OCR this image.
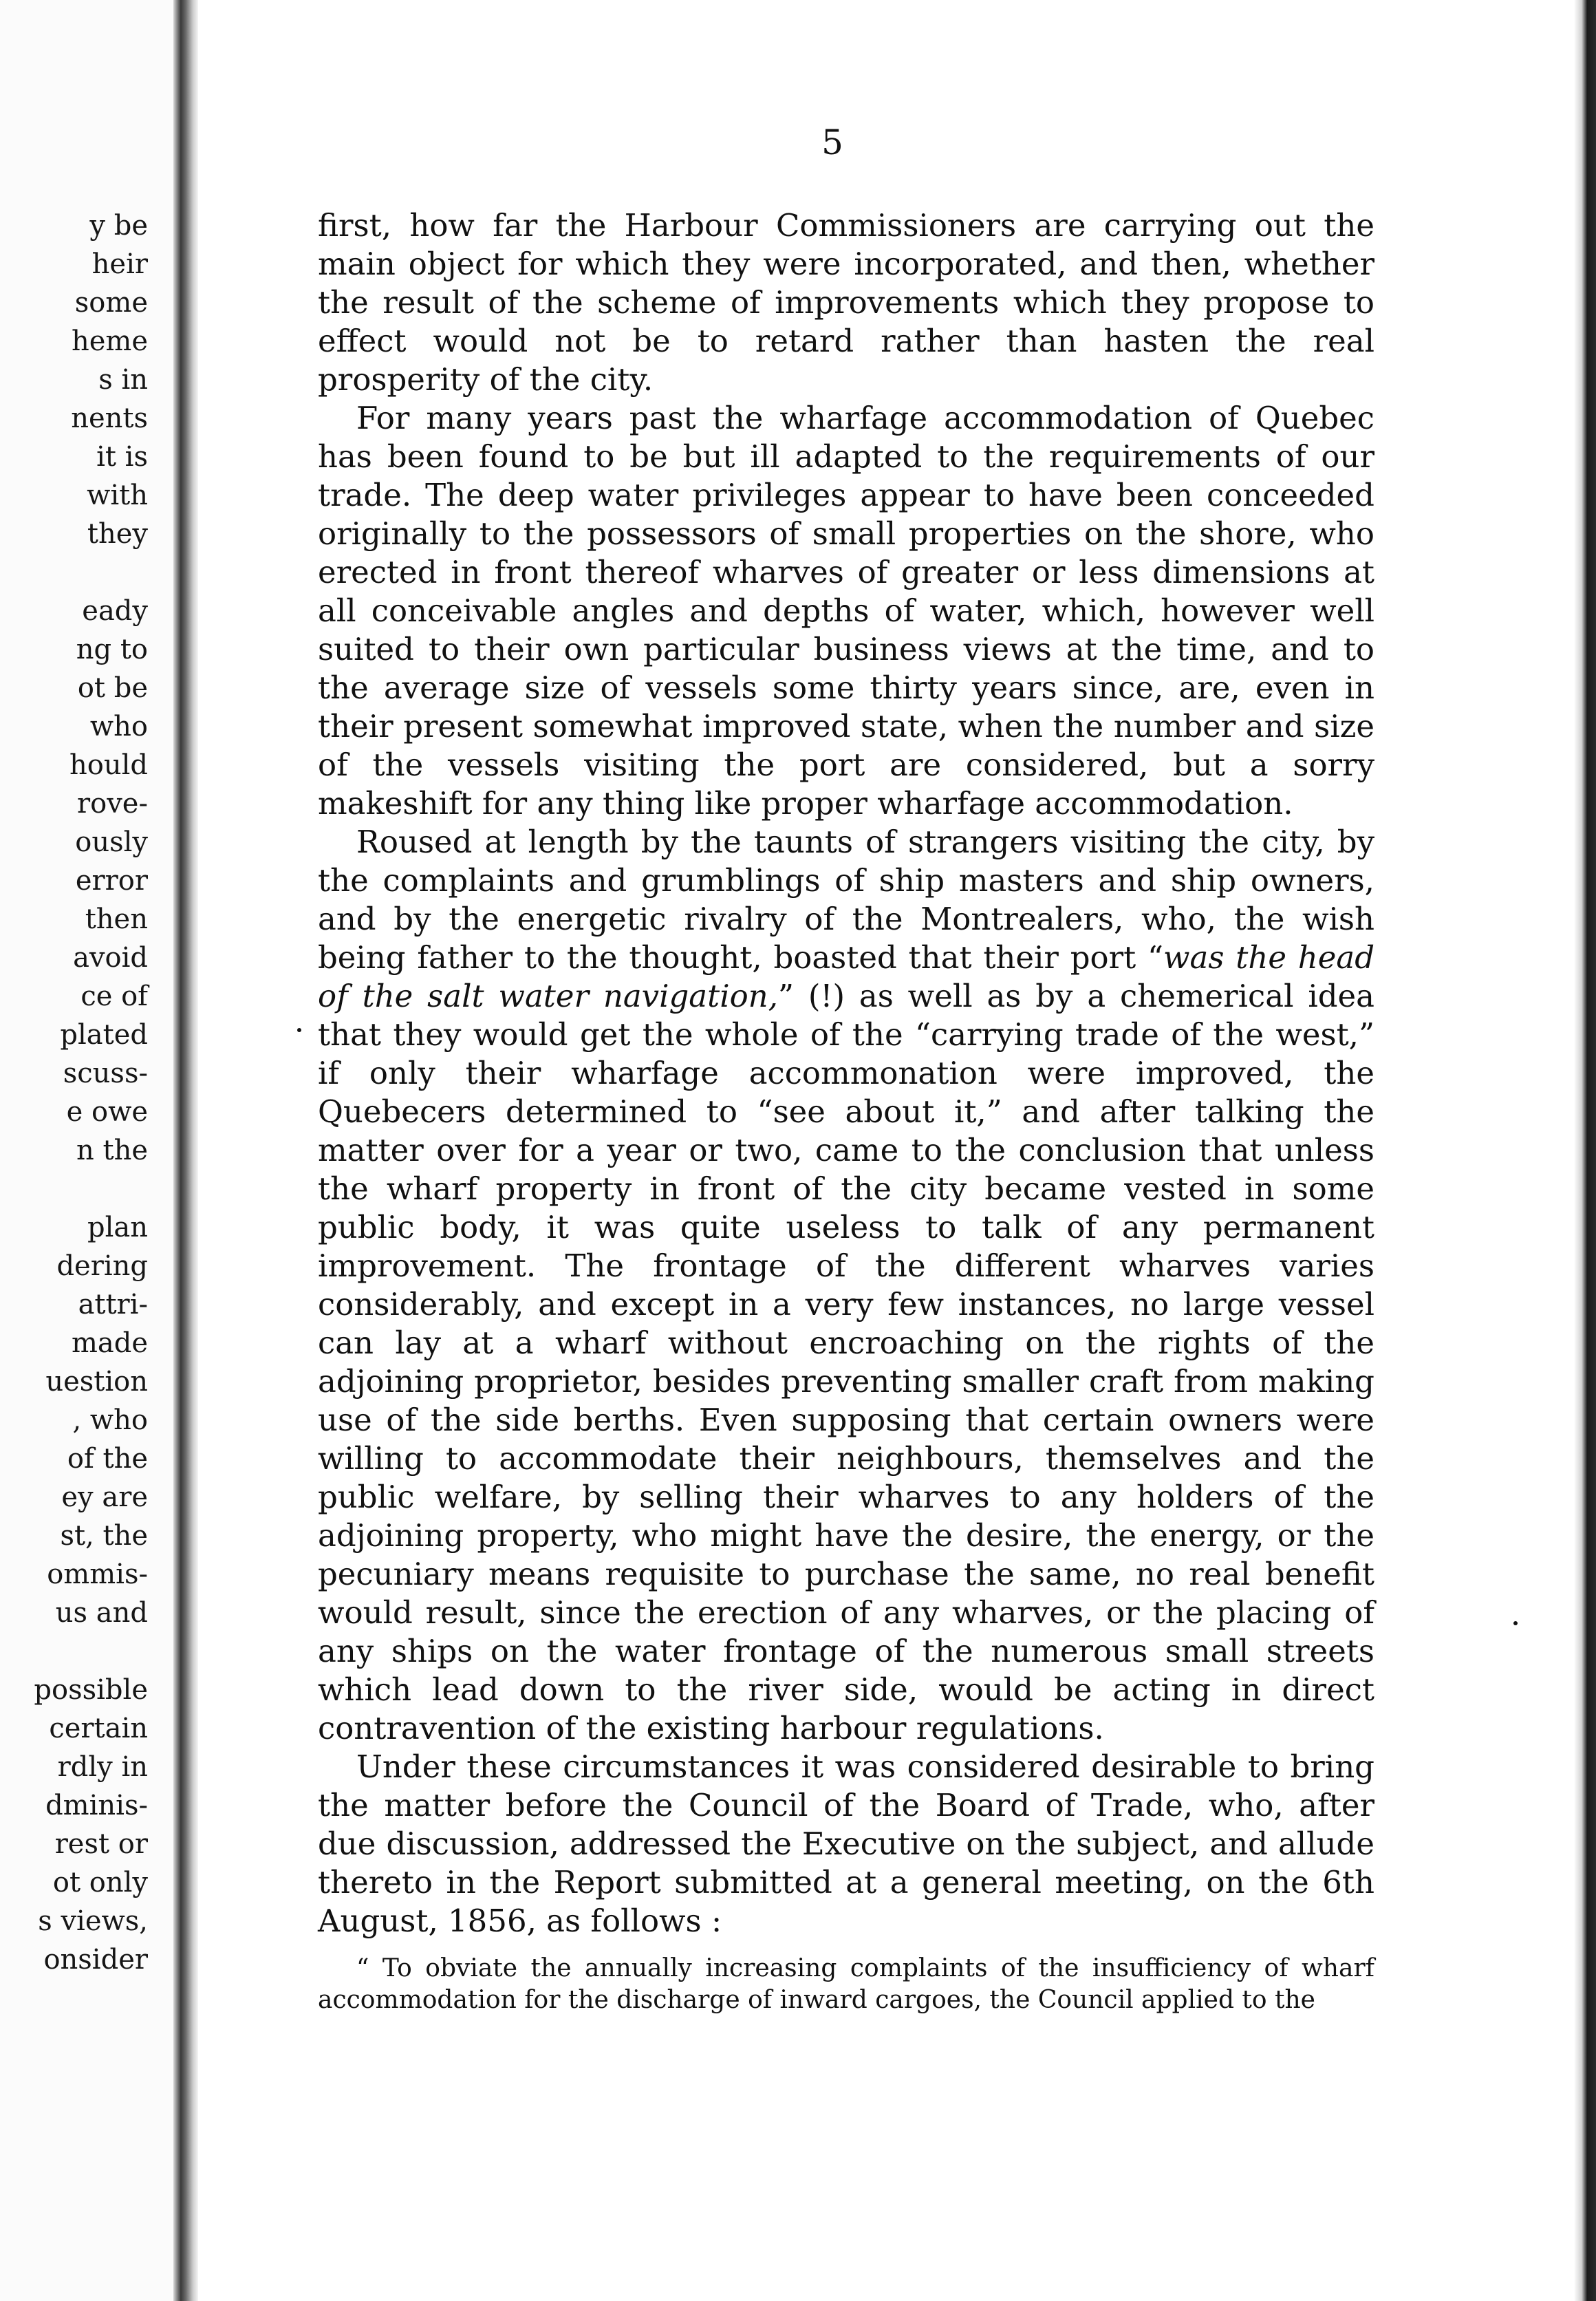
y be
heir
some
heme
s in
nents
it is
with
they
eady
ng to
ot be
who
hould
rove-
ously
error
then
avoid
ce of
plated
scuss-
e owe
n the
plan
dering
attri-
made
uestion
, who
of the
ey are
st, the
ommis-
us and
possible
certain
rdly in
dminis-
rest or
ot only
s views,
onsider
5

first, how far the Harbour Commissioners are carrying out the main object for which they were incorporated, and then, whether the result of the scheme of improvements which they propose to effect would not be to retard rather than hasten the real prosperity of the city.

For many years past the wharfage accommodation of Quebec has been found to be but ill adapted to the requirements of our trade. The deep water privileges appear to have been conceeded originally to the possessors of small properties on the shore, who erected in front thereof wharves of greater or less dimensions at all conceivable angles and depths of water, which, however well suited to their own particular business views at the time, and to the average size of vessels some thirty years since, are, even in their present somewhat improved state, when the number and size of the vessels visiting the port are considered, but a sorry makeshift for any thing like proper wharfage accommodation.

Roused at length by the taunts of strangers visiting the city, by the complaints and grumblings of ship masters and ship owners, and by the energetic rivalry of the Montrealers, who, the wish being father to the thought, boasted that their port “was the head of the salt water navigation,” (!) as well as by a chemerical idea that they would get the whole of the “carrying trade of the west,” if only their wharfage accommonation were improved, the Quebecers determined to “see about it,” and after talking the matter over for a year or two, came to the conclusion that unless the wharf property in front of the city became vested in some public body, it was quite useless to talk of any permanent improvement. The frontage of the different wharves varies considerably, and except in a very few instances, no large vessel can lay at a wharf without encroaching on the rights of the adjoining proprietor, besides preventing smaller craft from making use of the side berths. Even supposing that certain owners were willing to accommodate their neighbours, themselves and the public welfare, by selling their wharves to any holders of the adjoining property, who might have the desire, the energy, or the pecuniary means requisite to purchase the same, no real benefit would result, since the erection of any wharves, or the placing of any ships on the water frontage of the numerous small streets which lead down to the river side, would be acting in direct contravention of the existing harbour regulations.

Under these circumstances it was considered desirable to bring the matter before the Council of the Board of Trade, who, after due discussion, addressed the Executive on the subject, and allude thereto in the Report submitted at a general meeting, on the 6th August, 1856, as follows :

“ To obviate the annually increasing complaints of the insufficiency of wharf accommodation for the discharge of inward cargoes, the Council applied to the
